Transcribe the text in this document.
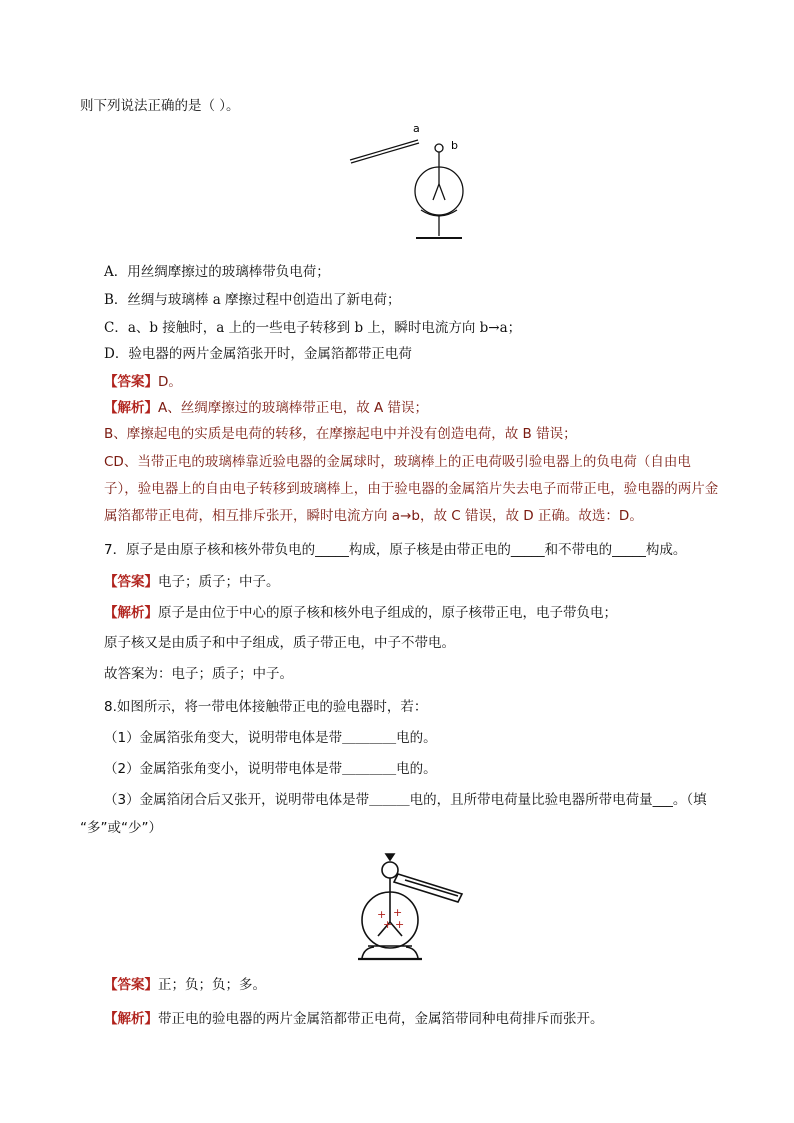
则下列说法正确的是（ ）。
a
b
A．用丝绸摩擦过的玻璃棒带负电荷；
B．丝绸与玻璃棒 a 摩擦过程中创造出了新电荷；
C．a、b 接触时，a 上的一些电子转移到 b 上，瞬时电流方向 b→a；
D．验电器的两片金属箔张开时，金属箔都带正电荷
【答案】D。
【解析】A、丝绸摩擦过的玻璃棒带正电，故 A 错误；
B、摩擦起电的实质是电荷的转移，在摩擦起电中并没有创造电荷，故 B 错误；
CD、当带正电的玻璃棒靠近验电器的金属球时，玻璃棒上的正电荷吸引验电器上的负电荷（自由电
子），验电器上的自由电子转移到玻璃棒上，由于验电器的金属箔片失去电子而带正电，验电器的两片金
属箔都带正电荷，相互排斥张开，瞬时电流方向 a→b，故 C 错误，故 D 正确。故选：D。
7．原子是由原子核和核外带负电的_____构成，原子核是由带正电的_____和不带电的_____构成。
【答案】电子；质子；中子。
【解析】原子是由位于中心的原子核和核外电子组成的，原子核带正电，电子带负电；
原子核又是由质子和中子组成，质子带正电，中子不带电。
故答案为：电子；质子；中子。
8.如图所示，将一带电体接触带正电的验电器时，若：
（1）金属箔张角变大，说明带电体是带＿＿＿＿电的。
（2）金属箔张角变小，说明带电体是带＿＿＿＿电的。
（3）金属箔闭合后又张开，说明带电体是带＿＿＿电的，且所带电荷量比验电器所带电荷量___。（填
“多”或“少”）
+ +
+ +
【答案】正；负；负；多。
【解析】带正电的验电器的两片金属箔都带正电荷，金属箔带同种电荷排斥而张开。
